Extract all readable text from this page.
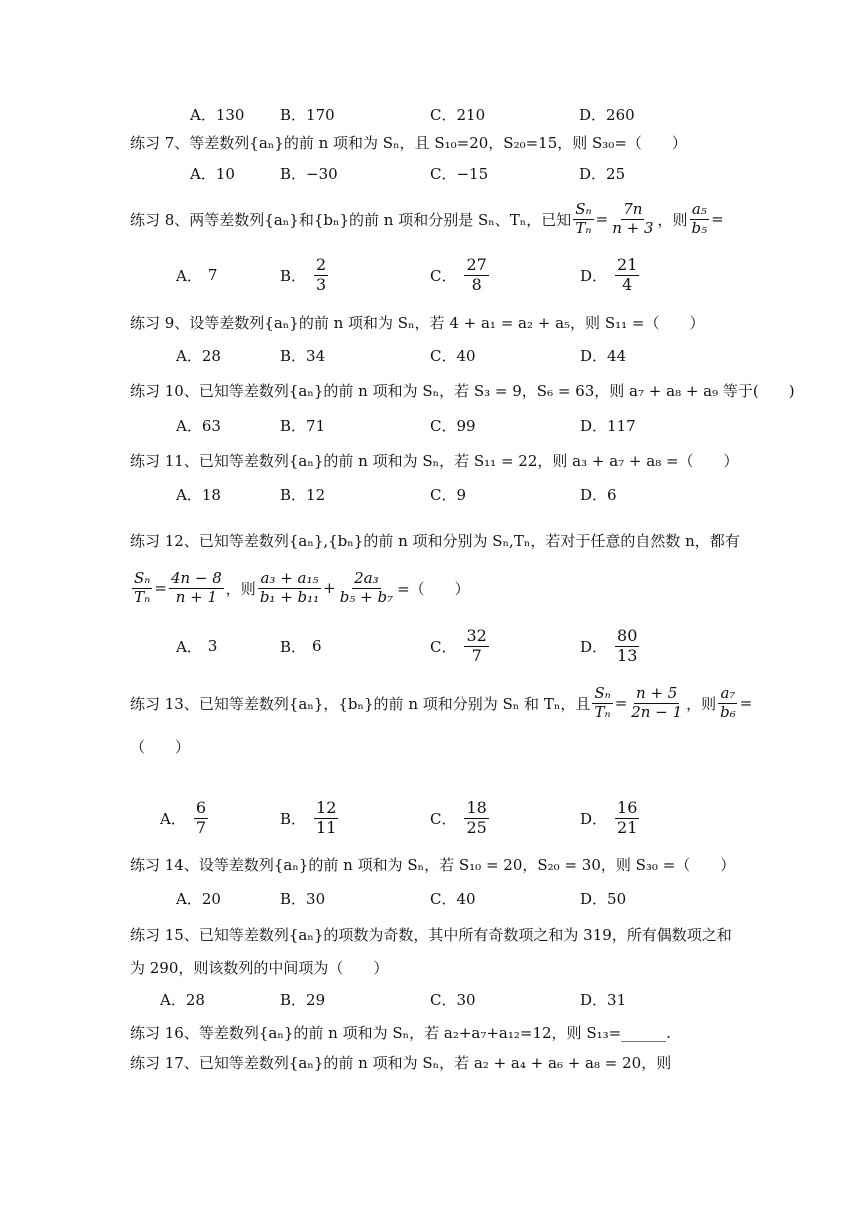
A．130 B．170	C．210	D．260
练习 7、等差数列{aₙ}的前 n 项和为 Sₙ，且 S₁₀=20，S₂₀=15，则 S₃₀=（　　）
A．10	B．−30	C．−15	D．25
练习 8、两等差数列{aₙ}和{bₙ}的前 n 项和分别是 Sₙ、Tₙ，已知 $\frac{\text{Sₙ}}{\text{Tₙ}} = \frac{7n}{n + 3}$ ，则 $\frac{\text{a₅}}{\text{b₅}}$ =
A． 7	B． $\frac{2}{3}$	C． $\frac{27}{8}$	D． $\frac{21}{4}$
练习 9、设等差数列{aₙ}的前 n 项和为 Sₙ，若 4 + a₁ = a₂ + a₅，则 S₁₁ =（　　）
A．28	B．34	C．40	D．44
练习 10、已知等差数列{aₙ}的前 n 项和为 Sₙ，若 S₃ = 9，S₆ = 63，则 a₇ + a₈ + a₉ 等于(　　)
A．63	B．71	C．99	D．117
练习 11、已知等差数列{aₙ}的前 n 项和为 Sₙ，若 S₁₁ = 22，则 a₃ + a₇ + a₈ =（　　）
A．18	B．12	C．9	D．6
练习 12、已知等差数列{aₙ},{bₙ}的前 n 项和分别为 Sₙ,Tₙ，若对于任意的自然数 n，都有
$\frac{\text{Sₙ}}{\text{Tₙ}} = \frac{4n - 8}{n + 1}$ ，则 $\frac{\text{a₃ + a₁₅}}{\text{b₁ + b₁₁}} + \frac{\text{2a₃}}{\text{b₅ + b₇}}$ =（　　）
A． 3	B． 6	C． $\frac{32}{7}$	D． $\frac{80}{13}$
练习 13、已知等差数列{aₙ}，{bₙ}的前 n 项和分别为 Sₙ 和 Tₙ，且 $\frac{\text{Sₙ}}{\text{Tₙ}} = \frac{n + 5}{2n - 1}$ ，则 $\frac{\text{a₇}}{\text{b₆}}$ =
（　　）
A． $\frac{6}{7}$	B． $\frac{12}{11}$	C． $\frac{18}{25}$	D． $\frac{16}{21}$
练习 14、设等差数列{aₙ}的前 n 项和为 Sₙ，若 S₁₀ = 20，S₂₀ = 30，则 S₃₀ =（　　）
A．20	B．30	C．40	D．50
练习 15、已知等差数列{aₙ}的项数为奇数，其中所有奇数项之和为 319，所有偶数项之和
为 290，则该数列的中间项为（　　）
A．28	B．29	C．30	D．31
练习 16、等差数列{aₙ}的前 n 项和为 Sₙ，若 a₂+a₇+a₁₂=12，则 S₁₃=______.
练习 17、已知等差数列{aₙ}的前 n 项和为 Sₙ，若 a₂ + a₄ + a₆ + a₈ = 20，则
